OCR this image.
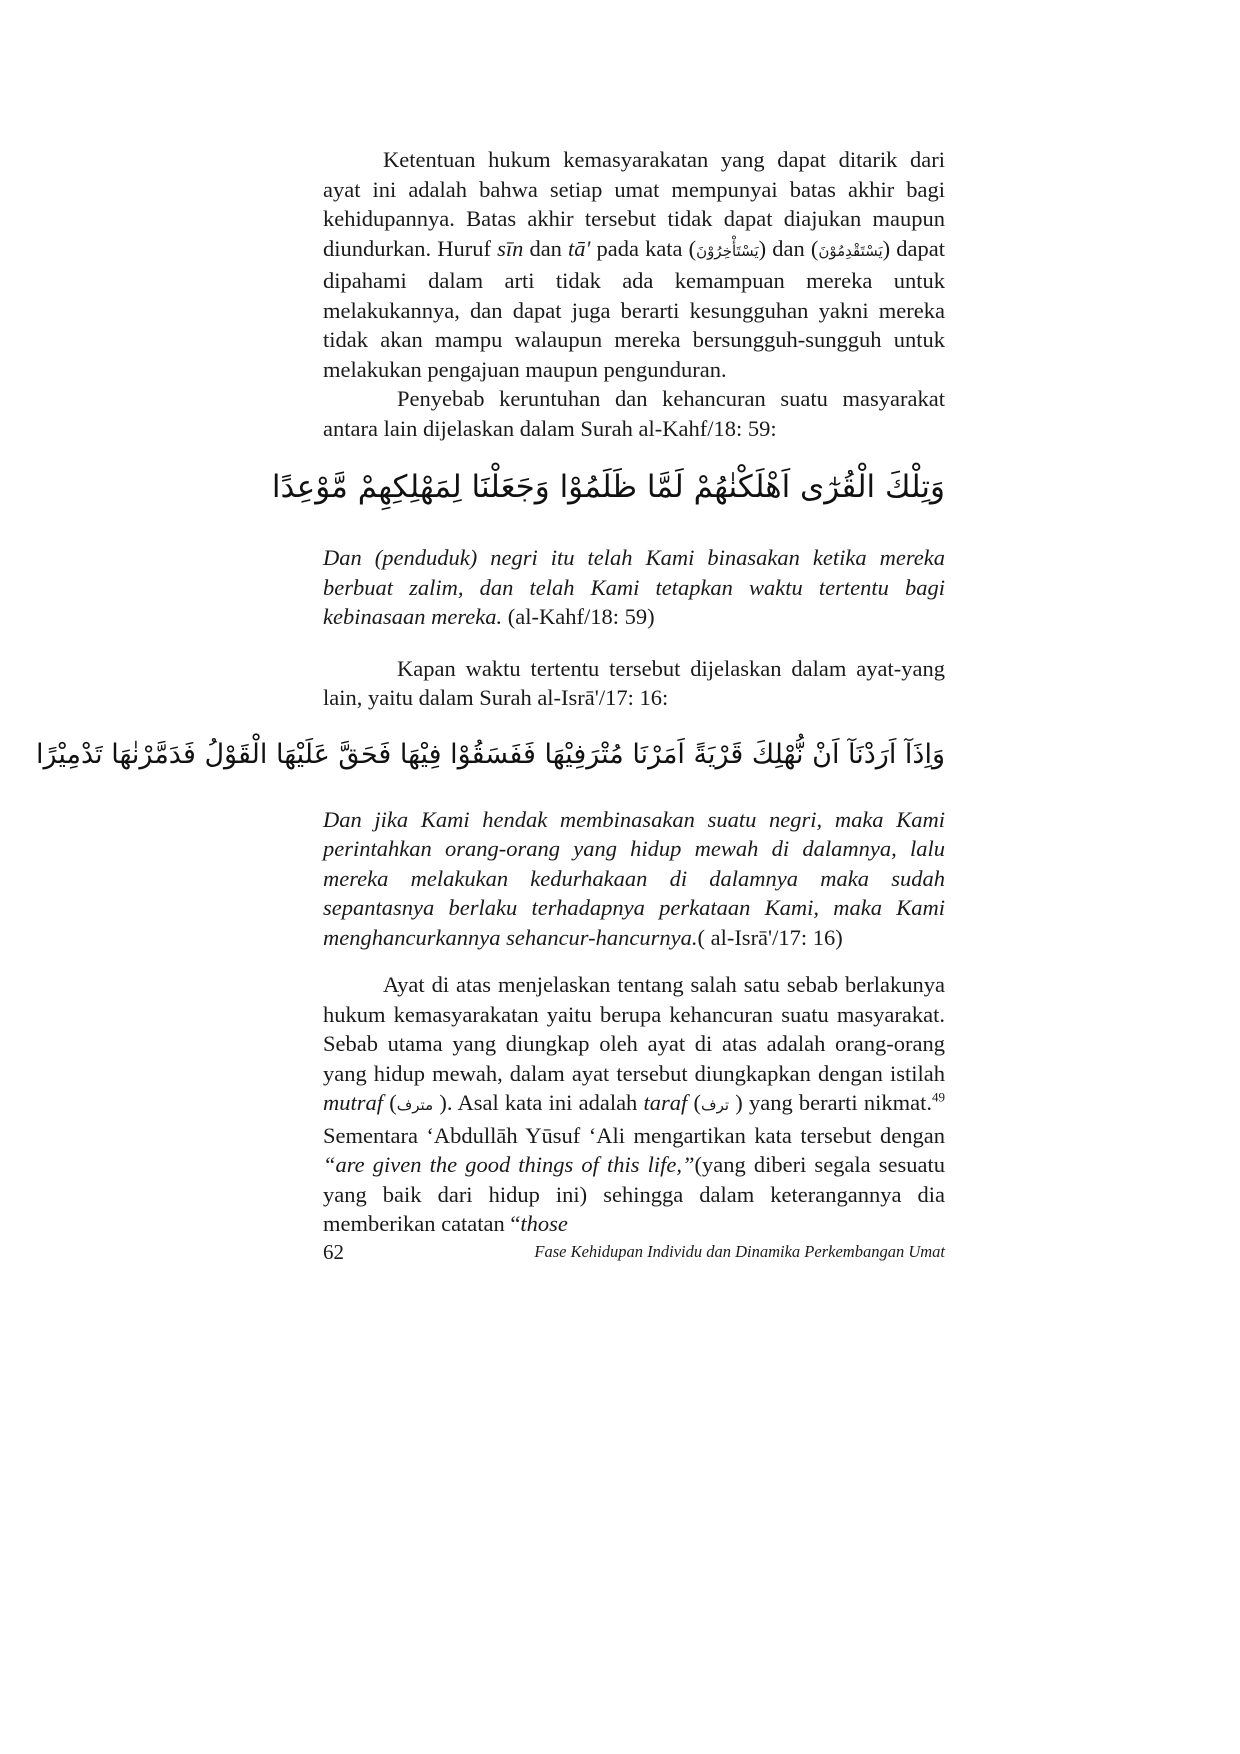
Ketentuan hukum kemasyarakatan yang dapat ditarik dari ayat ini adalah bahwa setiap umat mempunyai batas akhir bagi kehidupannya. Batas akhir tersebut tidak dapat diajukan maupun diundurkan. Huruf sīn dan tā' pada kata (يَسْتَأْخِرُوْنَ) dan (يَسْتَقْدِمُوْنَ) dapat dipahami dalam arti tidak ada kemampuan mereka untuk melakukannya, dan dapat juga berarti kesungguhan yakni mereka tidak akan mampu walaupun mereka bersungguh-sungguh untuk melakukan pengajuan maupun pengunduran.

Penyebab keruntuhan dan kehancuran suatu masyarakat antara lain dijelaskan dalam Surah al-Kahf/18: 59:

وَتِلْكَ الْقُرٰٓى اَهْلَكْنٰهُمْ لَمَّا ظَلَمُوْا وَجَعَلْنَا لِمَهْلِكِهِمْ مَّوْعِدًا

Dan (penduduk) negri itu telah Kami binasakan ketika mereka berbuat zalim, dan telah Kami tetapkan waktu tertentu bagi kebinasaan mereka. (al-Kahf/18: 59)

Kapan waktu tertentu tersebut dijelaskan dalam ayat-yang lain, yaitu dalam Surah al-Isrā'/17: 16:

وَاِذَآ اَرَدْنَآ اَنْ نُّهْلِكَ قَرْيَةً اَمَرْنَا مُتْرَفِيْهَا فَفَسَقُوْا فِيْهَا فَحَقَّ عَلَيْهَا الْقَوْلُ فَدَمَّرْنٰهَا تَدْمِيْرًا

Dan jika Kami hendak membinasakan suatu negri, maka Kami perintahkan orang-orang yang hidup mewah di dalamnya, lalu mereka melakukan kedurhakaan di dalamnya maka sudah sepantasnya berlaku terhadapnya perkataan Kami, maka Kami menghancurkannya sehancur-hancurnya.( al-Isrā'/17: 16)

Ayat di atas menjelaskan tentang salah satu sebab berlakunya hukum kemasyarakatan yaitu berupa kehancuran suatu masyarakat. Sebab utama yang diungkap oleh ayat di atas adalah orang-orang yang hidup mewah, dalam ayat tersebut diungkapkan dengan istilah mutraf (مترف ). Asal kata ini adalah taraf (ترف ) yang berarti nikmat.$^{49}$ Sementara ‘Abdullāh Yūsuf ‘Ali mengartikan kata tersebut dengan “are given the good things of this life,”(yang diberi segala sesuatu yang baik dari hidup ini) sehingga dalam keterangannya dia memberikan catatan “those

62	Fase Kehidupan Individu dan Dinamika Perkembangan Umat
